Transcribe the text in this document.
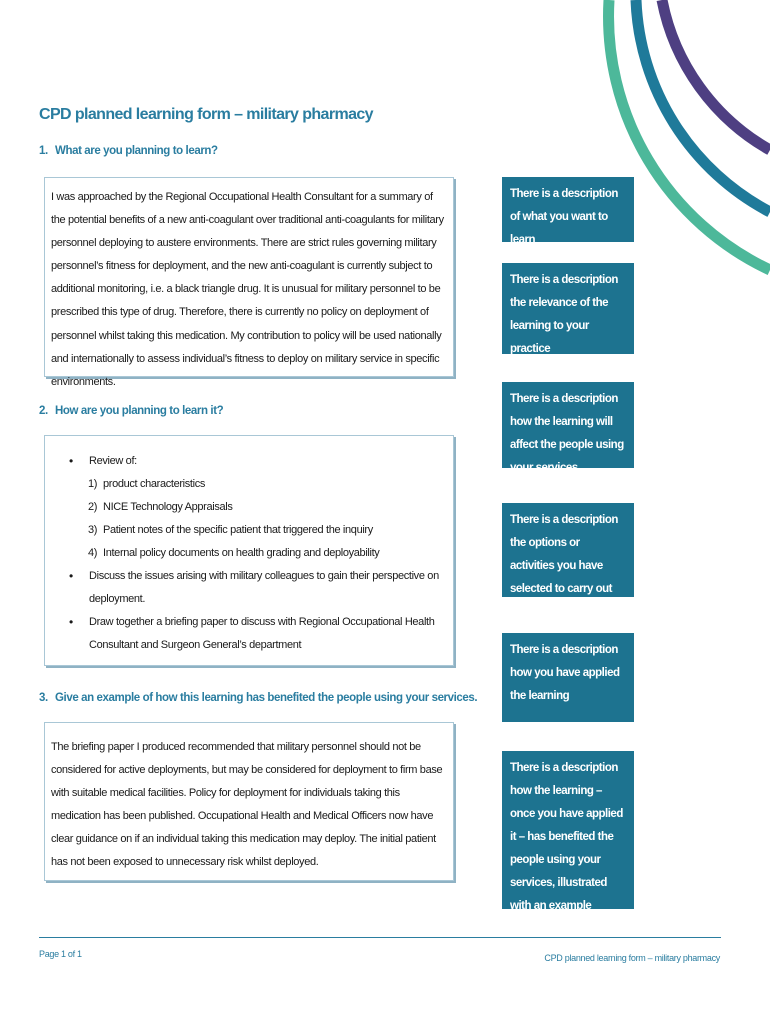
CPD planned learning form – military pharmacy
1. What are you planning to learn?

I was approached by the Regional Occupational Health Consultant for a summary of the potential benefits of a new anti-coagulant over traditional anti-coagulants for military personnel deploying to austere environments. There are strict rules governing military personnel’s fitness for deployment, and the new anti-coagulant is currently subject to additional monitoring, i.e. a black triangle drug. It is unusual for military personnel to be prescribed this type of drug. Therefore, there is currently no policy on deployment of personnel whilst taking this medication. My contribution to policy will be used nationally and internationally to assess individual’s fitness to deploy on military service in specific environments.

2. How are you planning to learn it?
• Review of:
1) product characteristics
2) NICE Technology Appraisals
3) Patient notes of the specific patient that triggered the inquiry
4) Internal policy documents on health grading and deployability
• Discuss the issues arising with military colleagues to gain their perspective on deployment.
• Draw together a briefing paper to discuss with Regional Occupational Health Consultant and Surgeon General’s department
3. Give an example of how this learning has benefited the people using your services.

The briefing paper I produced recommended that military personnel should not be considered for active deployments, but may be considered for deployment to firm base with suitable medical facilities. Policy for deployment for individuals taking this medication has been published. Occupational Health and Medical Officers now have clear guidance on if an individual taking this medication may deploy. The initial patient has not been exposed to unnecessary risk whilst deployed.

There is a description of what you want to learn
There is a description the relevance of the learning to your practice
There is a description how the learning will affect the people using your services
There is a description the options or activities you have selected to carry out
There is a description how you have applied the learning
There is a description how the learning – once you have applied it – has benefited the people using your services, illustrated with an example
Page 1 of 1	CPD planned learning form – military pharmacy
